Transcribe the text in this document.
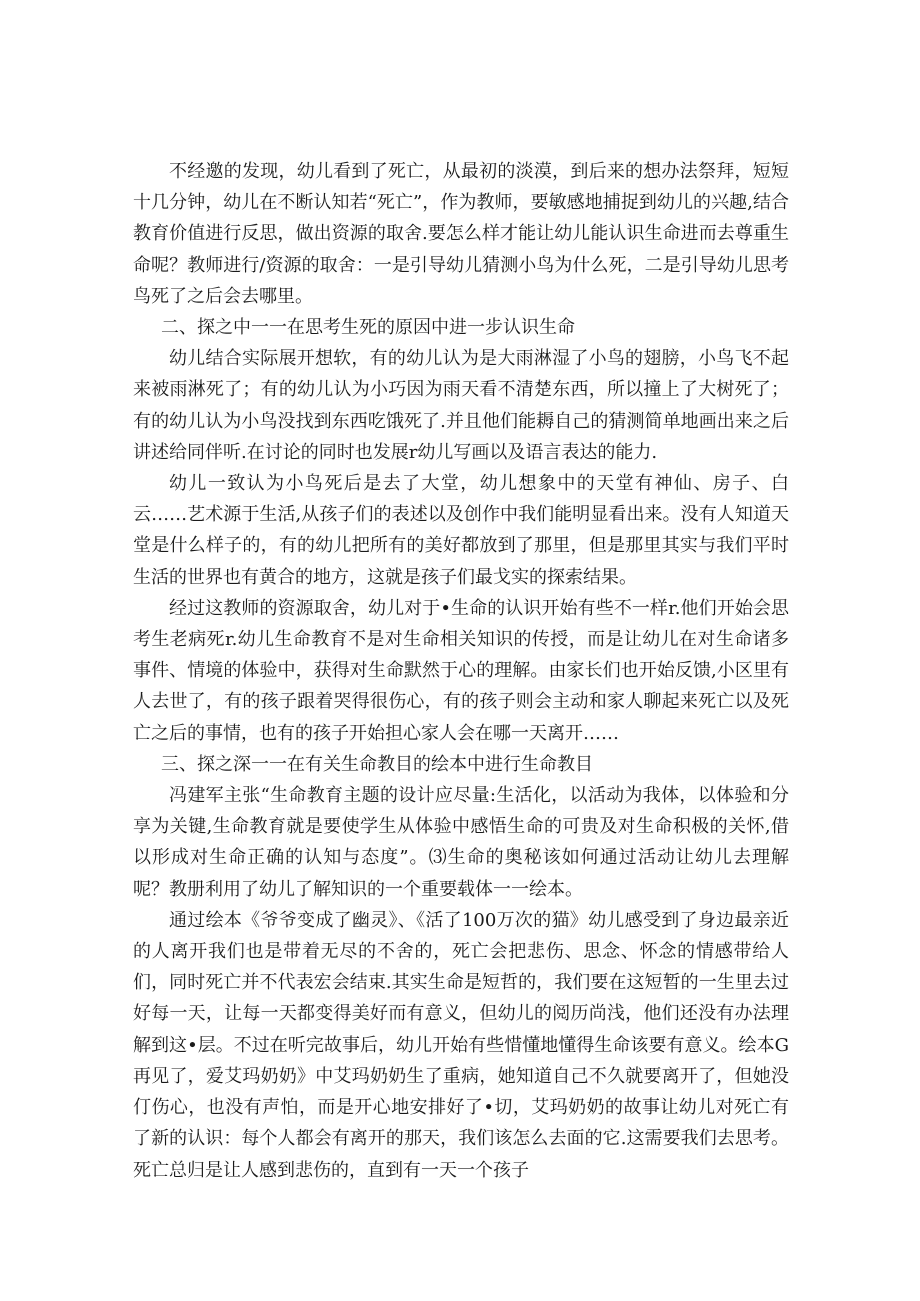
不经邀的发现，幼儿看到了死亡，从最初的淡漠，到后来的想办法祭拜，短短十几分钟，幼儿在不断认知若“死亡”，作为教师，要敏感地捕捉到幼儿的兴趣,结合教育价值进行反思，做出资源的取舍.要怎么样才能让幼儿能认识生命进而去尊重生命呢？教师进行/资源的取舍：一是引导幼儿猜测小鸟为什么死，二是引导幼儿思考鸟死了之后会去哪里。

二、探之中一一在思考生死的原因中进一步认识生命

幼儿结合实际展开想软，有的幼儿认为是大雨淋湿了小鸟的翅膀，小鸟飞不起来被雨淋死了；有的幼儿认为小巧因为雨天看不清楚东西，所以撞上了大树死了；有的幼儿认为小鸟没找到东西吃饿死了.并且他们能耨自己的猜测简单地画出来之后讲述给同伴听.在讨论的同时也发展r幼儿写画以及语言表达的能力.

幼儿一致认为小鸟死后是去了大堂，幼儿想象中的天堂有神仙、房子、白云……艺术源于生活,从孩子们的表述以及创作中我们能明显看出来。没有人知道天堂是什么样子的，有的幼儿把所有的美好都放到了那里，但是那里其实与我们平时生活的世界也有黄合的地方，这就是孩子们最戈实的探索结果。

经过这教师的资源取舍，幼儿对于•生命的认识开始有些不一样r.他们开始会思考生老病死r.幼儿生命教育不是对生命相关知识的传授，而是让幼儿在对生命诸多事件、情境的体验中，获得对生命默然于心的理解。由家长们也开始反馈,小区里有人去世了，有的孩子跟着哭得很伤心，有的孩子则会主动和家人聊起来死亡以及死亡之后的事情，也有的孩子开始担心家人会在哪一天离开……

三、探之深一一在有关生命教目的绘本中进行生命教目

冯建军主张“生命教育主题的设计应尽量:生活化，以活动为我体，以体验和分享为关键,生命教育就是要使学生从体验中感悟生命的可贵及对生命积极的关怀,借以形成对生命正确的认知与态度”。⑶生命的奥秘该如何通过活动让幼儿去理解呢？教册利用了幼儿了解知识的一个重要载体一一绘本。

通过绘本《爷爷变成了幽灵》、《活了100万次的猫》幼儿感受到了身边最亲近的人离开我们也是带着无尽的不舍的，死亡会把悲伤、思念、怀念的情感带给人们，同时死亡并不代表宏会结束.其实生命是短哲的，我们要在这短暂的一生里去过好每一天，让每一天都变得美好而有意义，但幼儿的阅历尚浅，他们还没有办法理解到这•层。不过在听完故事后，幼儿开始有些惜懂地懂得生命该要有意义。绘本G再见了，爱艾玛奶奶》中艾玛奶奶生了重病，她知道自己不久就要离开了，但她没仃伤心，也没有声怕，而是开心地安排好了•切，艾玛奶奶的故事让幼儿对死亡有了新的认识：每个人都会有离开的那天，我们该怎么去面的它.这需要我们去思考。死亡总归是让人感到悲伤的，直到有一天一个孩子
